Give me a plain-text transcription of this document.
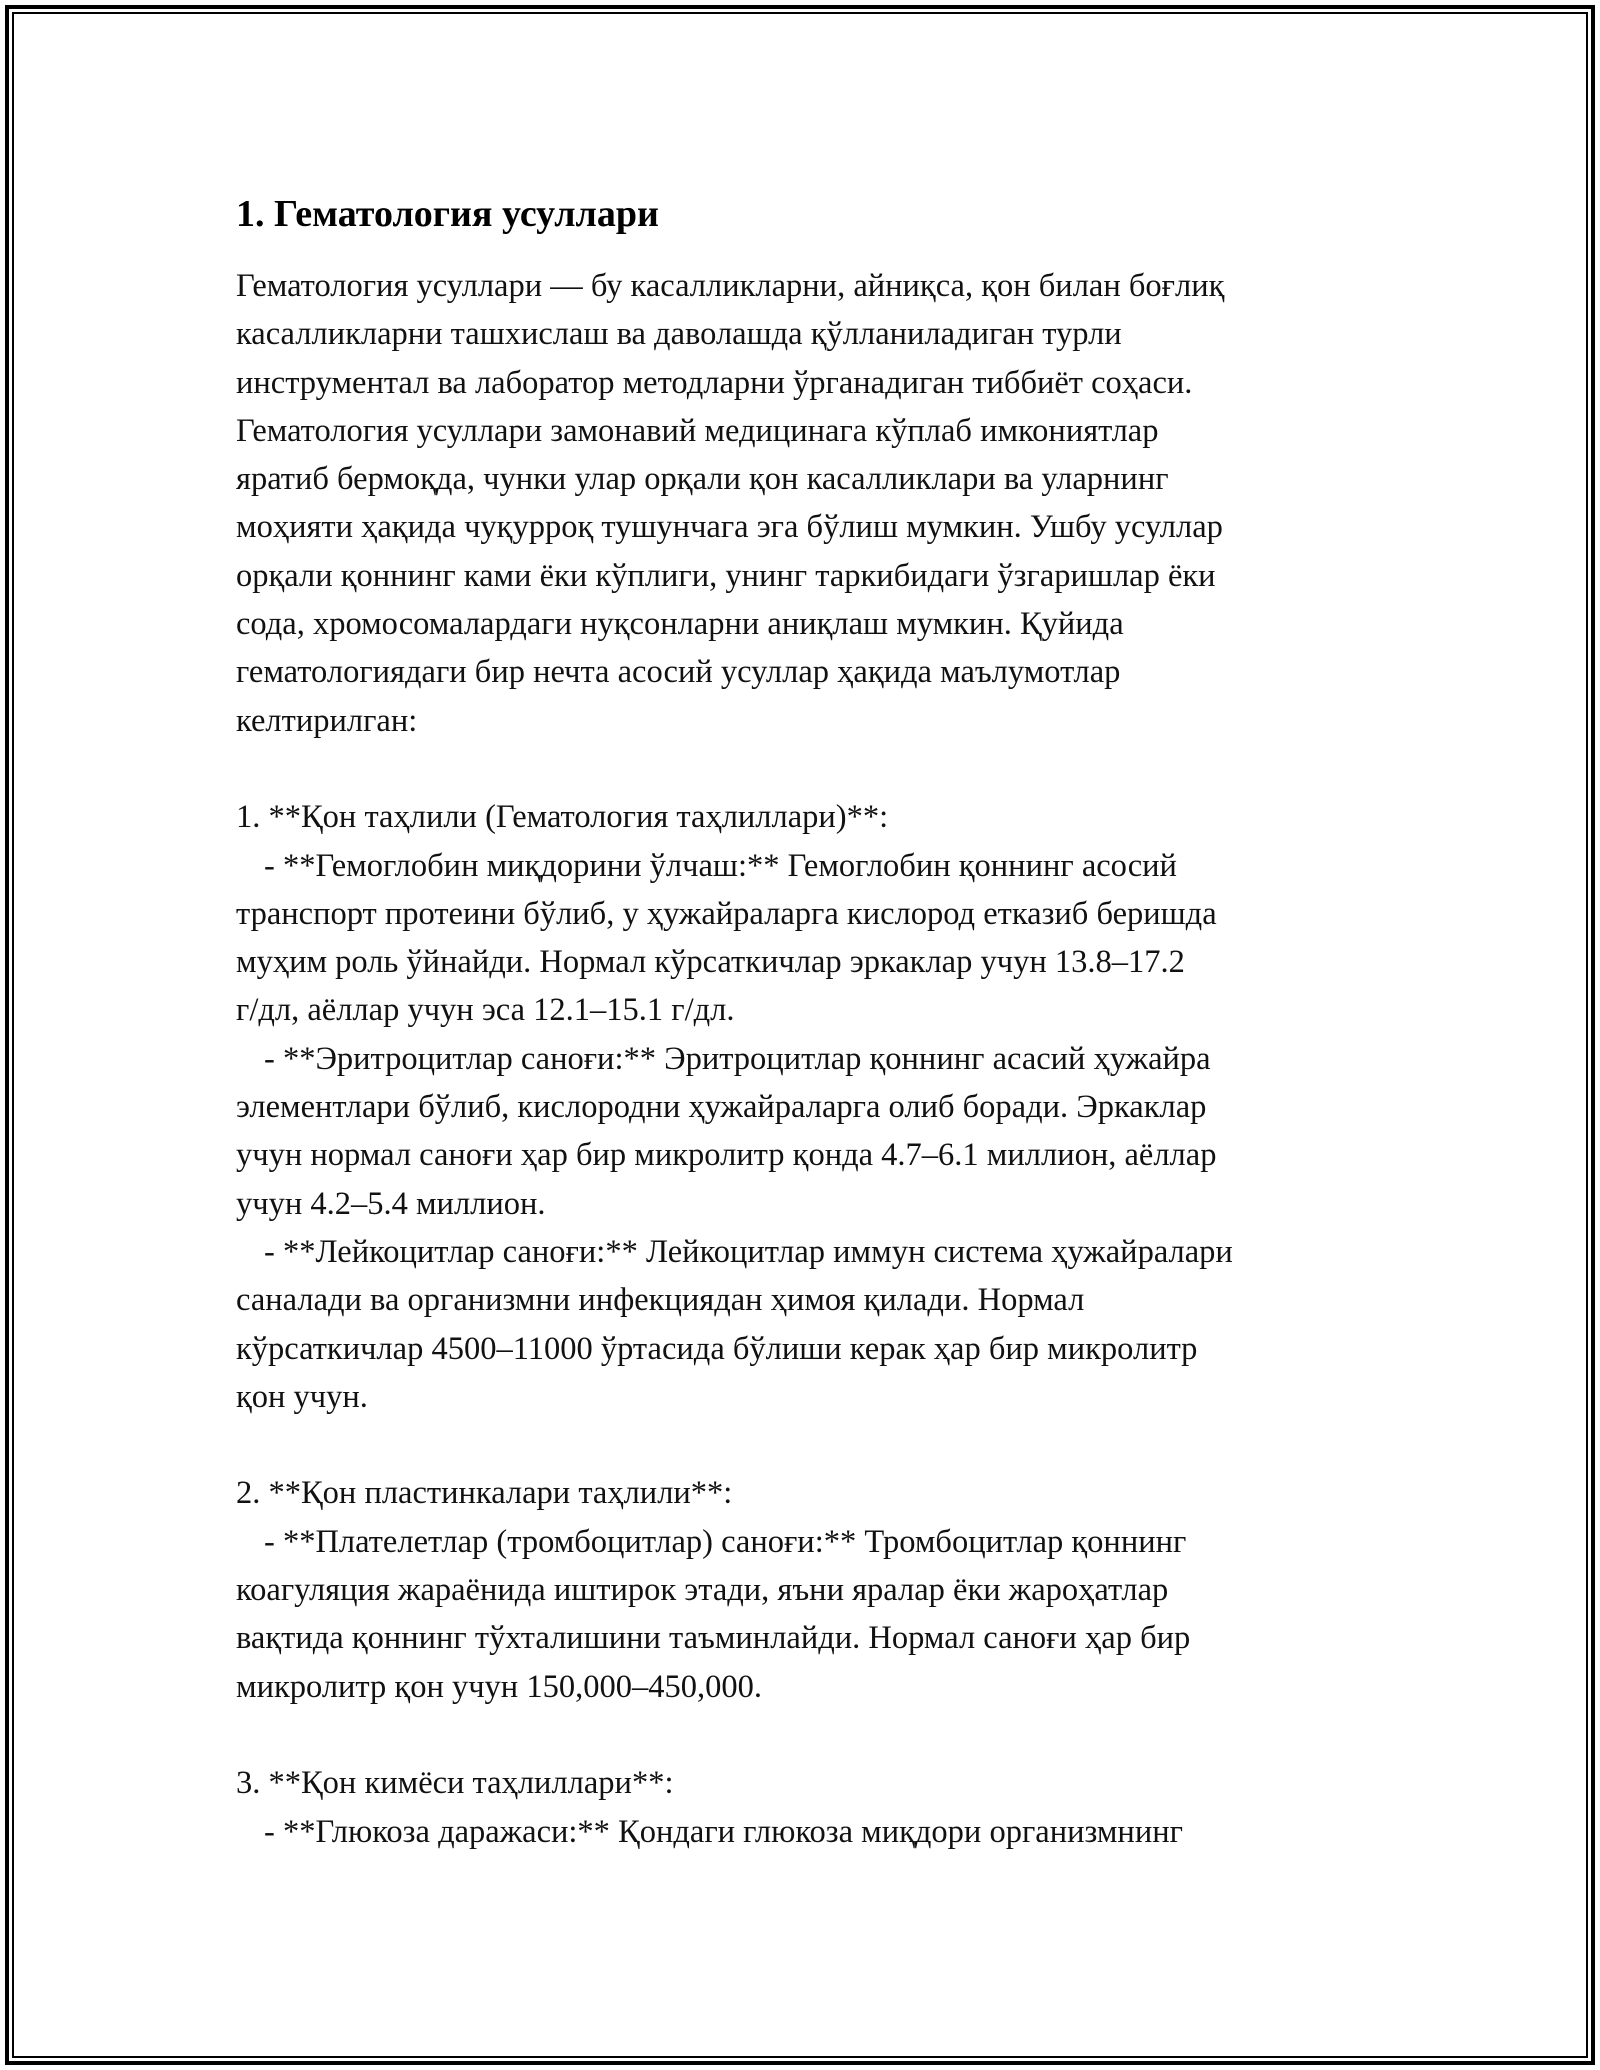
1. Гематология усуллари
Гематология усуллари — бу касалликларни, айниқса, қон билан боғлиқ
касалликларни ташхислаш ва даволашда қўлланиладиган турли
инструментал ва лаборатор методларни ўрганадиган тиббиёт соҳаси.
Гематология усуллари замонавий медицинага кўплаб имкониятлар
яратиб бермоқда, чунки улар орқали қон касалликлари ва уларнинг
моҳияти ҳақида чуқурроқ тушунчага эга бўлиш мумкин. Ушбу усуллар
орқали қоннинг ками ёки кўплиги, унинг таркибидаги ўзгаришлар ёки
сода, хромосомалардаги нуқсонларни аниқлаш мумкин. Қуйида
гематологиядаги бир нечта асосий усуллар ҳақида маълумотлар
келтирилган:
1. **Қон таҳлили (Гематология таҳлиллари)**:
- **Гемоглобин миқдорини ўлчаш:** Гемоглобин қоннинг асосий
транспорт протеини бўлиб, у ҳужайраларга кислород етказиб беришда
муҳим роль ўйнайди. Нормал кўрсаткичлар эркаклар учун 13.8–17.2
г/дл, аёллар учун эса 12.1–15.1 г/дл.
- **Эритроцитлар саноғи:** Эритроцитлар қоннинг асасий ҳужайра
элементлари бўлиб, кислородни ҳужайраларга олиб боради. Эркаклар
учун нормал саноғи ҳар бир микролитр қонда 4.7–6.1 миллион, аёллар
учун 4.2–5.4 миллион.
- **Лейкоцитлар саноғи:** Лейкоцитлар иммун система ҳужайралари
саналади ва организмни инфекциядан ҳимоя қилади. Нормал
кўрсаткичлар 4500–11000 ўртасида бўлиши керак ҳар бир микролитр
қон учун.
2. **Қон пластинкалари таҳлили**:
- **Плателетлар (тромбоцитлар) саноғи:** Тромбоцитлар қоннинг
коагуляция жараёнида иштирок этади, яъни яралар ёки жароҳатлар
вақтида қоннинг тўхталишини таъминлайди. Нормал саноғи ҳар бир
микролитр қон учун 150,000–450,000.
3. **Қон кимёси таҳлиллари**:
- **Глюкоза даражаси:** Қондаги глюкоза миқдори организмнинг
